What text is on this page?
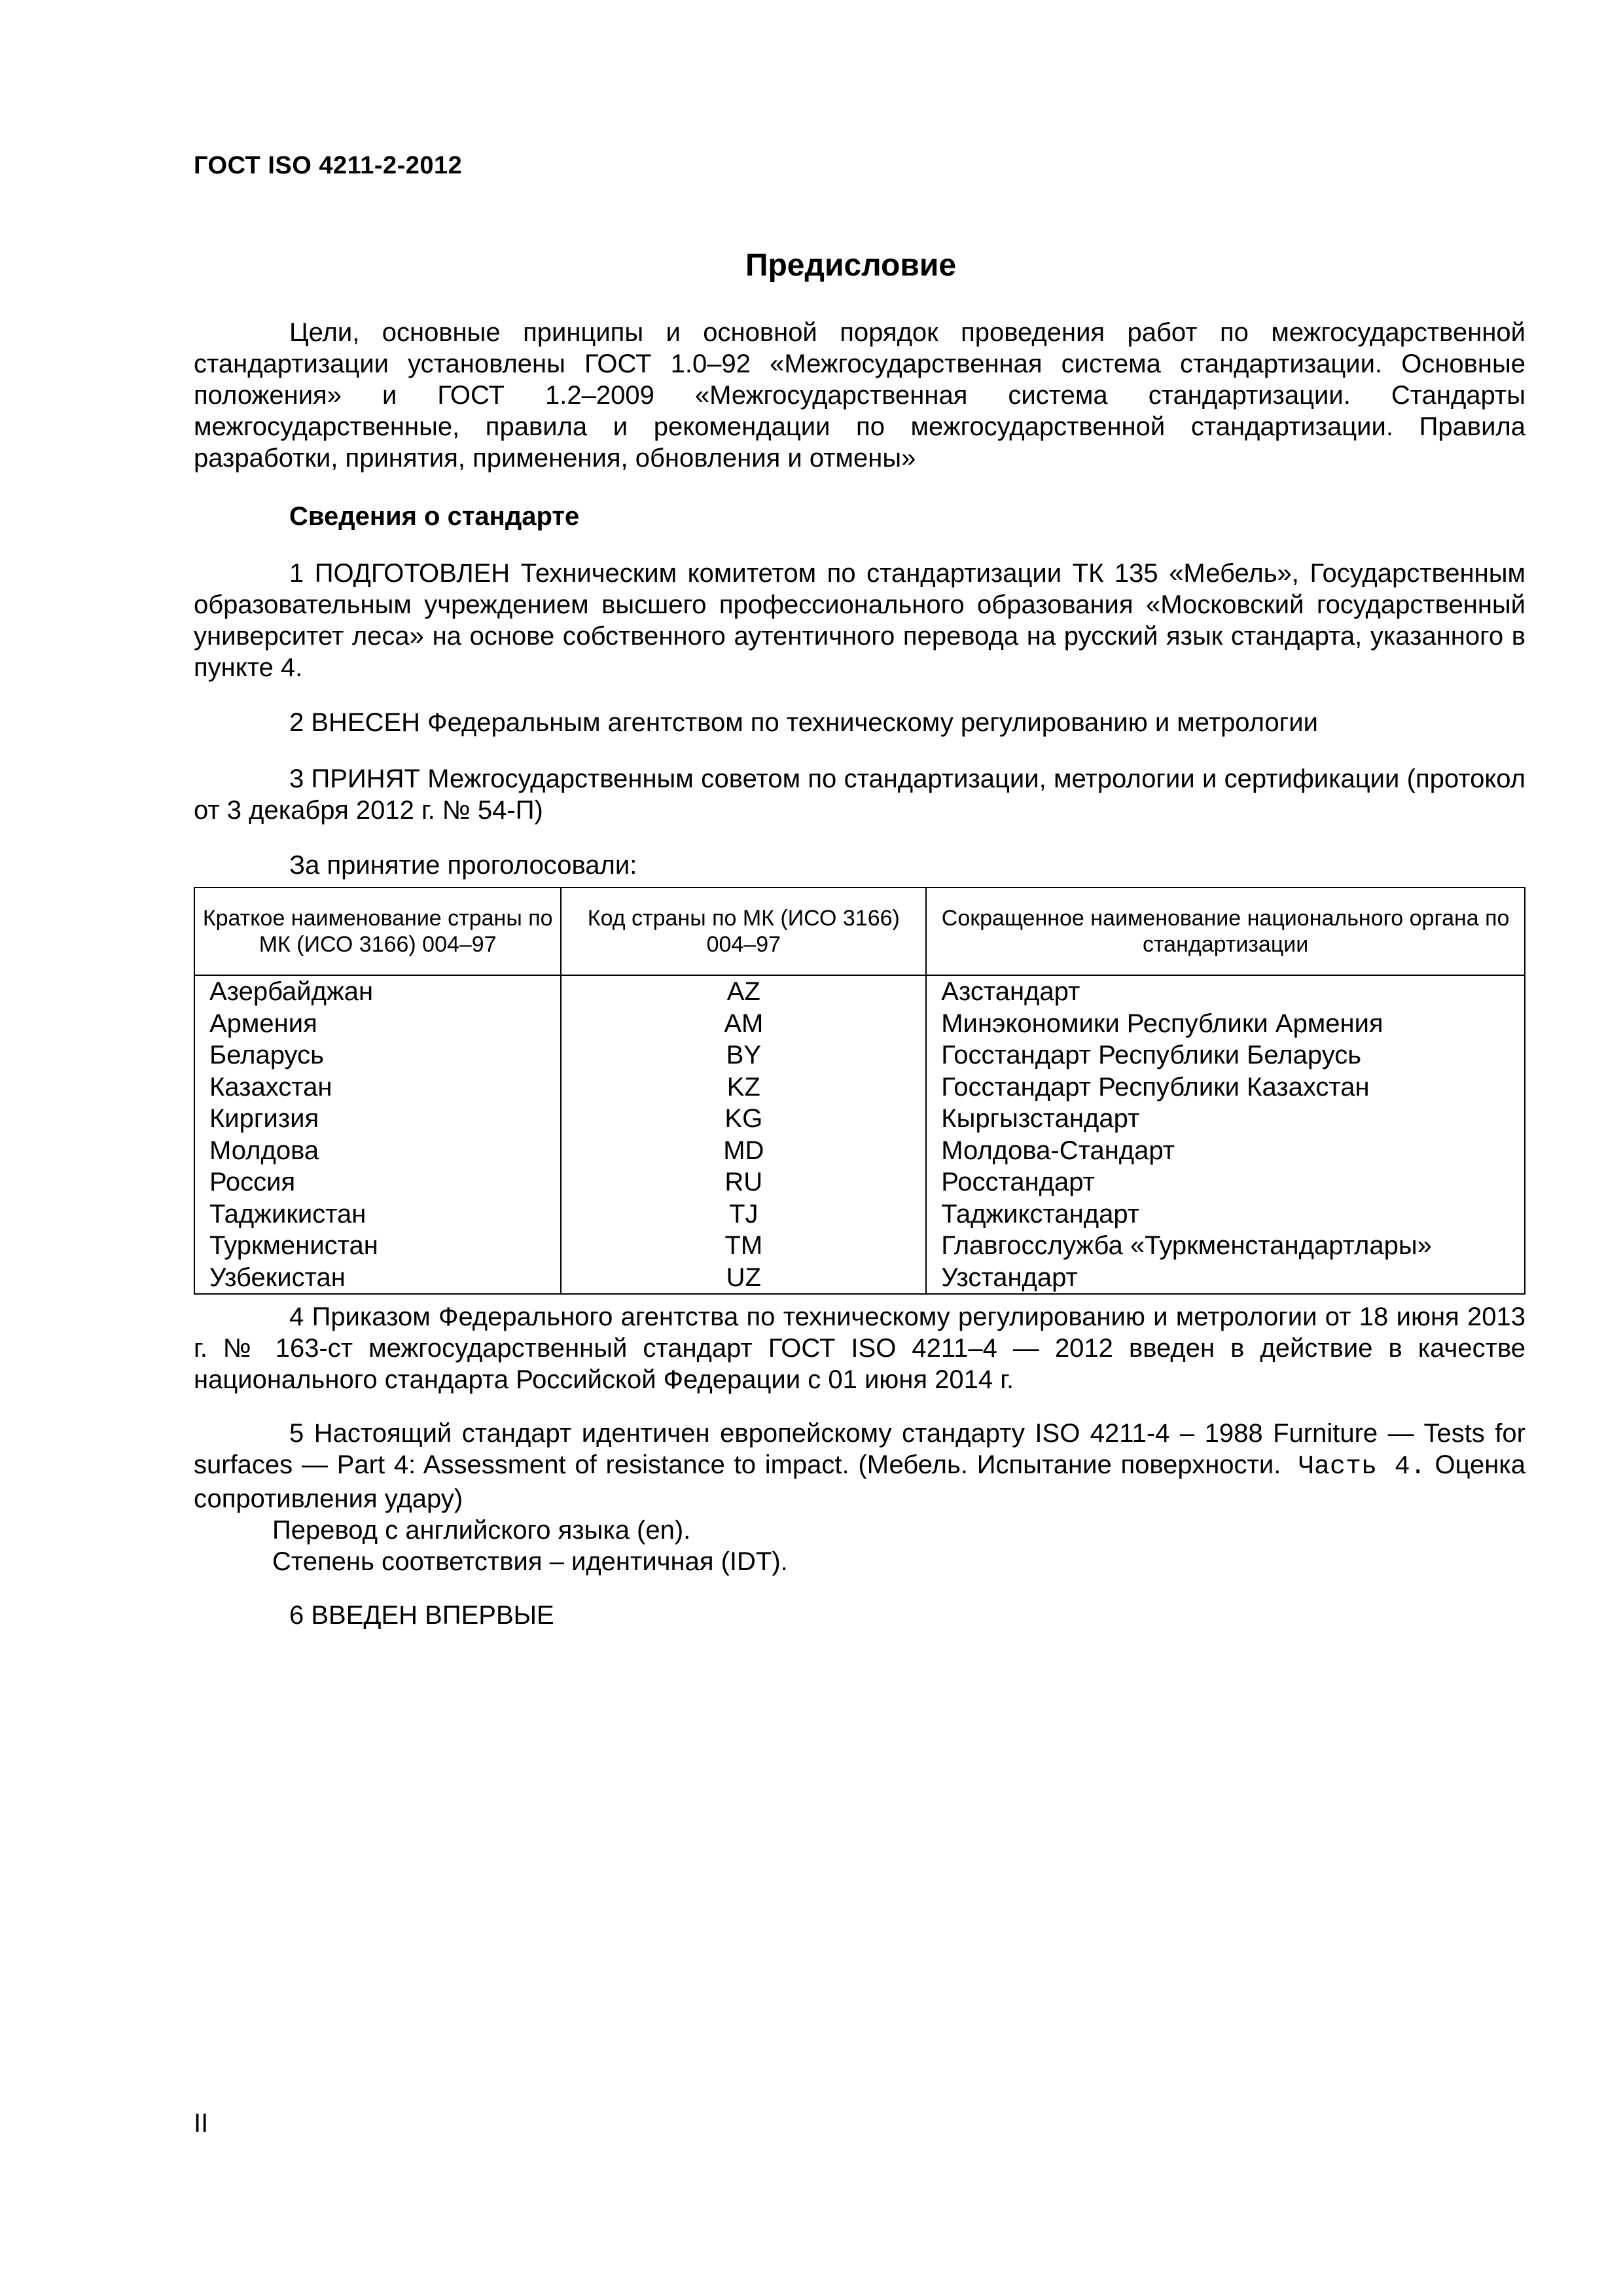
ГОСТ ISO 4211-2-2012
Предисловие

Цели, основные принципы и основной порядок проведения работ по межгосударственной стандартизации установлены ГОСТ 1.0–92 «Межгосударственная система стандартизации. Основные положения» и ГОСТ 1.2–2009 «Межгосударственная система стандартизации. Стандарты межгосударственные, правила и рекомендации по межгосударственной стандартизации. Правила разработки, принятия, применения, обновления и отмены»

Сведения о стандарте

1 ПОДГОТОВЛЕН Техническим комитетом по стандартизации ТК 135 «Мебель», Государственным образовательным учреждением высшего профессионального образования «Московский государственный университет леса» на основе собственного аутентичного перевода на русский язык стандарта, указанного в пункте 4.

2 ВНЕСЕН Федеральным агентством по техническому регулированию и метрологии

3 ПРИНЯТ Межгосударственным советом по стандартизации, метрологии и сертификации (протокол от 3 декабря 2012 г. № 54-П)

За принятие проголосовали:

Краткое наименование страны по МК (ИСО 3166) 004–97	Код страны по МК (ИСО 3166) 004–97	Сокращенное наименование национального органа по стандартизации
Азербайджан	AZ	Азстандарт
Армения	AM	Минэкономики Республики Армения
Беларусь	BY	Госстандарт Республики Беларусь
Казахстан	KZ	Госстандарт Республики Казахстан
Киргизия	KG	Кыргызстандарт
Молдова	MD	Молдова-Стандарт
Россия	RU	Росстандарт
Таджикистан	TJ	Таджикстандарт
Туркменистан	TM	Главгосслужба «Туркменстандартлары»
Узбекистан	UZ	Узстандарт

4 Приказом Федерального агентства по техническому регулированию и метрологии от 18 июня 2013 г. № 163-ст межгосударственный стандарт ГОСТ ISO 4211–4 — 2012 введен в действие в качестве национального стандарта Российской Федерации с 01 июня 2014 г.

5 Настоящий стандарт идентичен европейскому стандарту ISO 4211-4 – 1988 Furniture — Tests for surfaces — Part 4: Assessment of resistance to impact. (Мебель. Испытание поверхности. Часть 4. Оценка сопротивления удару)

Перевод с английского языка (en).

Степень соответствия – идентичная (IDT).

6 ВВЕДЕН ВПЕРВЫЕ

II
